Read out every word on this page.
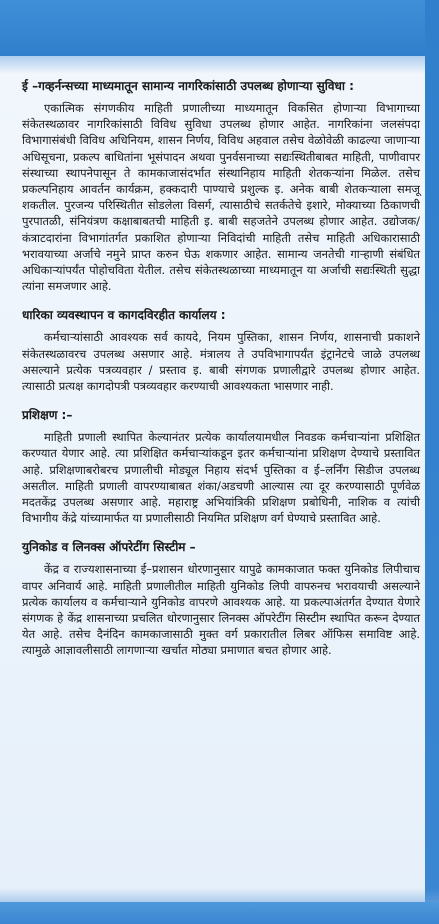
ई –गव्हर्नन्सच्या माध्यमातून सामान्य नागरिकांसाठी उपलब्ध होणाऱ्या सुविधा :

एकात्मिक संगणकीय माहिती प्रणालीच्या माध्यमातून विकसित होणाऱ्या विभागाच्या संकेतस्थळावर नागरिकांसाठी विविध सुविधा उपलब्ध होणार आहेत. नागरिकांना जलसंपदा विभागासंबंधी विविध अधिनियम, शासन निर्णय, विविध अहवाल तसेच वेळोवेळी काढल्या जाणाऱ्या अधिसूचना, प्रकल्प बाधितांना भूसंपादन अथवा पुनर्वसनाच्या सद्यःस्थितीबाबत माहिती, पाणीवापर संस्थाच्या स्थापनेपासून ते कामकाजासंदर्भात संस्थानिहाय माहिती शेतकऱ्यांना मिळेल. तसेच प्रकल्पनिहाय आवर्तन कार्यक्रम, हक्कदारी पाण्याचे प्रशुल्क इ. अनेक बाबी शेतकऱ्याला समजू शकतील. पुरजन्य परिस्थितीत सोडलेला विसर्ग, त्यासाठीचे सतर्कतेचे इशारे, मोक्याच्या ठिकाणची पुरपातळी, संनियंत्रण कक्षाबाबतची माहिती इ. बाबी सहजतेने उपलब्ध होणार आहेत. उद्योजक/कंत्राटदारांना विभागांतर्गत प्रकाशित होणाऱ्या निविदांची माहिती तसेच माहिती अधिकारासाठी भरावयाच्या अर्जाचे नमुने प्राप्त करुन घेऊ शकणार आहेत. सामान्य जनतेची गाऱ्हाणी संबंधित अधिकाऱ्यांपर्यंत पोहोचविता येतील. तसेच संकेतस्थळाच्या माध्यमातून या अर्जाची सद्यःस्थिती सुद्धा त्यांना समजणार आहे.

धारिका व्यवस्थापन व कागदविरहीत कार्यालय :

कर्मचाऱ्यांसाठी आवश्यक सर्व कायदे, नियम पुस्तिका, शासन निर्णय, शासनाची प्रकाशने संकेतस्थळावरच उपलब्ध असणार आहे. मंत्रालय ते उपविभागापर्यंत इंट्रानेटचे जाळे उपलब्ध असल्याने प्रत्येक पत्रव्यवहार / प्रस्ताव इ. बाबी संगणक प्रणालीद्वारे उपलब्ध होणार आहेत. त्यासाठी प्रत्यक्ष कागदोपत्री पत्रव्यवहार करण्याची आवश्यकता भासणार नाही.

प्रशिक्षण :–

माहिती प्रणाली स्थापित केल्यानंतर प्रत्येक कार्यालयामधील निवडक कर्मचाऱ्यांना प्रशिक्षित करण्यात येणार आहे. त्या प्रशिक्षित कर्मचाऱ्यांकडून इतर कर्मचाऱ्यांना प्रशिक्षण देण्याचे प्रस्तावित आहे. प्रशिक्षणाबरोबरच प्रणालीची मोड्यूल निहाय संदर्भ पुस्तिका व ई–लर्निंग सिडीज उपलब्ध असतील. माहिती प्रणाली वापरण्याबाबत शंका/अडचणी आल्यास त्या दूर करण्यासाठी पूर्णवेळ मदतकेंद्र उपलब्ध असणार आहे. महाराष्ट्र अभियांत्रिकी प्रशिक्षण प्रबोधिनी, नाशिक व त्यांची विभागीय केंद्रे यांच्यामार्फत या प्रणालीसाठी नियमित प्रशिक्षण वर्ग घेण्याचे प्रस्तावित आहे.

युनिकोड व लिनक्स ऑपरेटींग सिस्टीम –

केंद्र व राज्यशासनाच्या ई–प्रशासन धोरणानुसार यापुढे कामकाजात फक्त युनिकोड लिपीचाच वापर अनिवार्य आहे. माहिती प्रणालीतील माहिती युनिकोड लिपी वापरुनच भरावयाची असल्याने प्रत्येक कार्यालय व कर्मचाऱ्याने युनिकोड वापरणे आवश्यक आहे. या प्रकल्पाअंतर्गत देण्यात येणारे संगणक हे केंद्र शासनाच्या प्रचलित धोरणानुसार लिनक्स ऑपरेटींग सिस्टीम स्थापित करून देण्यात येत आहे. तसेच दैनंदिन कामकाजासाठी मुक्त वर्ग प्रकारातील लिबर ऑफिस समाविष्ट आहे. त्यामुळे आज्ञावलीसाठी लागणाऱ्या खर्चात मोठ्या प्रमाणात बचत होणार आहे.
